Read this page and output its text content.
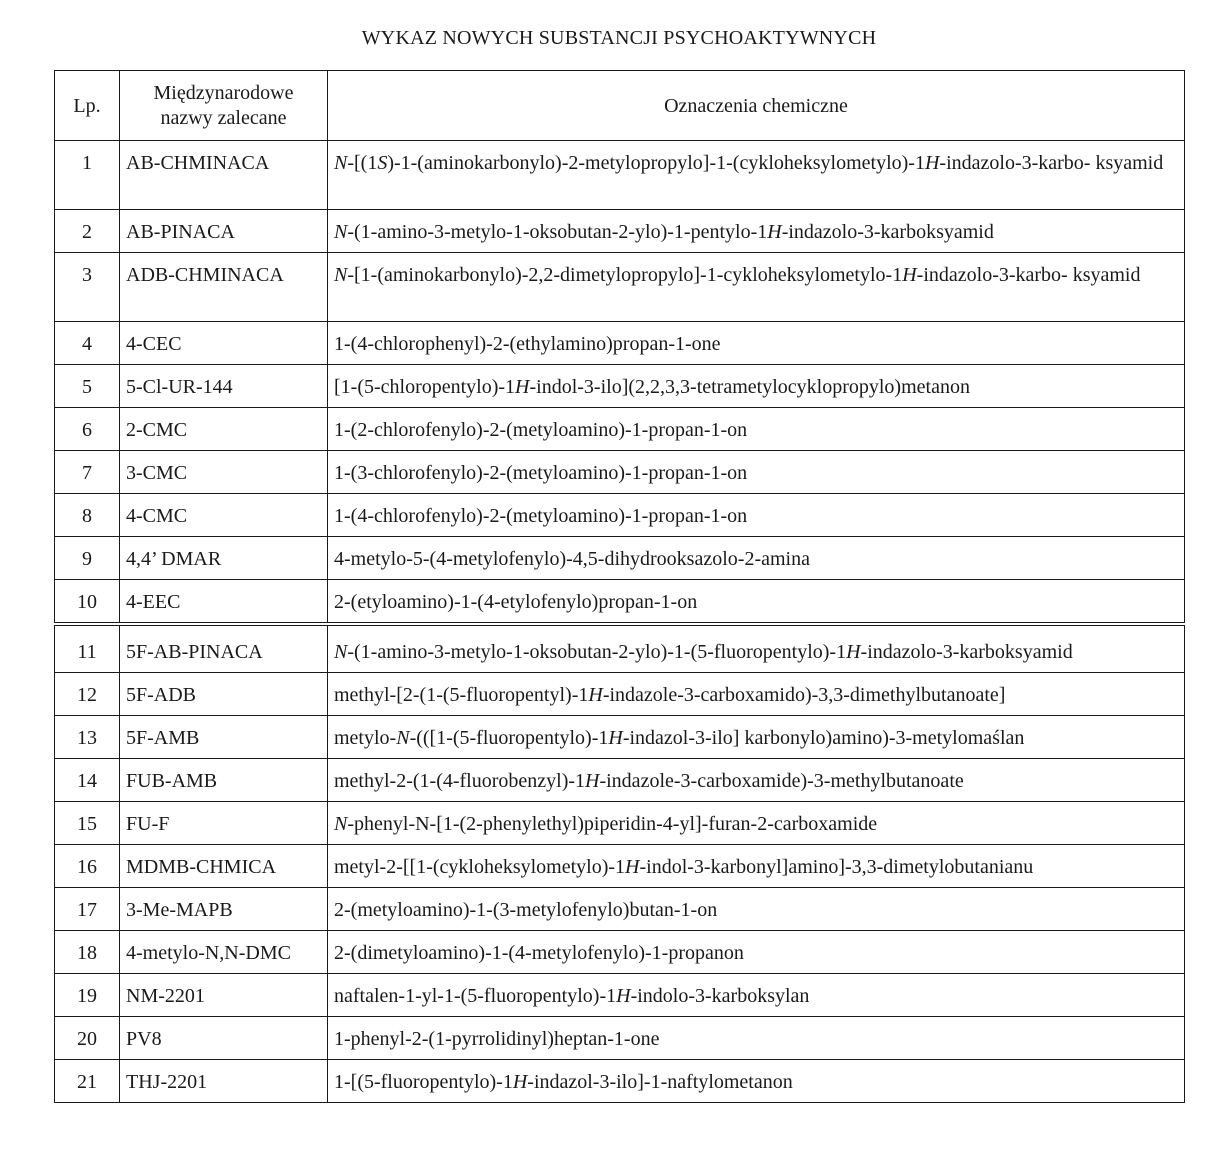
WYKAZ NOWYCH SUBSTANCJI PSYCHOAKTYWNYCH
Lp.	Międzynarodowe nazwy zalecane	Oznaczenia chemiczne
1	AB-CHMINACA	N-[(1S)-1-(aminokarbonylo)-2-metylopropylo]-1-(cykloheksylometylo)-1H-indazolo-3-karbo- ksyamid
2	AB-PINACA	N-(1-amino-3-metylo-1-oksobutan-2-ylo)-1-pentylo-1H-indazolo-3-karboksyamid
3	ADB-CHMINACA	N-[1-(aminokarbonylo)-2,2-dimetylopropylo]-1-cykloheksylometylo-1H-indazolo-3-karbo- ksyamid
4	4-CEC	1-(4-chlorophenyl)-2-(ethylamino)propan-1-one
5	5-Cl-UR-144	[1-(5-chloropentylo)-1H-indol-3-ilo](2,2,3,3-tetrametylocyklopropylo)metanon
6	2-CMC	1-(2-chlorofenylo)-2-(metyloamino)-1-propan-1-on
7	3-CMC	1-(3-chlorofenylo)-2-(metyloamino)-1-propan-1-on
8	4-CMC	1-(4-chlorofenylo)-2-(metyloamino)-1-propan-1-on
9	4,4’ DMAR	4-metylo-5-(4-metylofenylo)-4,5-dihydrooksazolo-2-amina
10	4-EEC	2-(etyloamino)-1-(4-etylofenylo)propan-1-on
11	5F-AB-PINACA	N-(1-amino-3-metylo-1-oksobutan-2-ylo)-1-(5-fluoropentylo)-1H-indazolo-3-karboksyamid
12	5F-ADB	methyl-[2-(1-(5-fluoropentyl)-1H-indazole-3-carboxamido)-3,3-dimethylbutanoate]
13	5F-AMB	metylo-N-(([1-(5-fluoropentylo)-1H-indazol-3-ilo] karbonylo)amino)-3-metylomaślan
14	FUB-AMB	methyl-2-(1-(4-fluorobenzyl)-1H-indazole-3-carboxamide)-3-methylbutanoate
15	FU-F	N-phenyl-N-[1-(2-phenylethyl)piperidin-4-yl]-furan-2-carboxamide
16	MDMB-CHMICA	metyl-2-[[1-(cykloheksylometylo)-1H-indol-3-karbonyl]amino]-3,3-dimetylobutanianu
17	3-Me-MAPB	2-(metyloamino)-1-(3-metylofenylo)butan-1-on
18	4-metylo-N,N-DMC	2-(dimetyloamino)-1-(4-metylofenylo)-1-propanon
19	NM-2201	naftalen-1-yl-1-(5-fluoropentylo)-1H-indolo-3-karboksylan
20	PV8	1-phenyl-2-(1-pyrrolidinyl)heptan-1-one
21	THJ-2201	1-[(5-fluoropentylo)-1H-indazol-3-ilo]-1-naftylometanon
